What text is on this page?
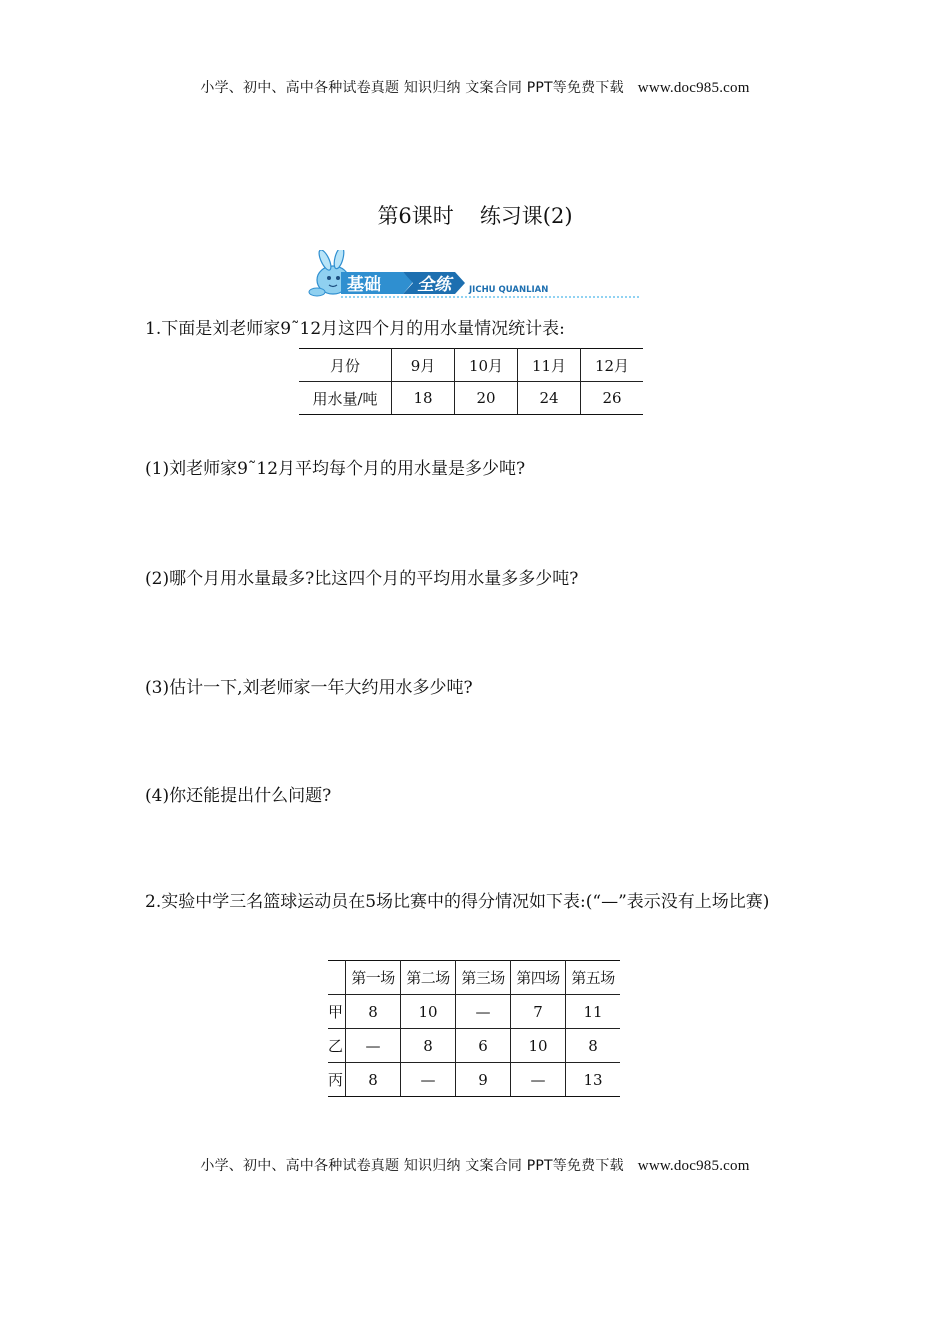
小学、初中、高中各种试卷真题 知识归纳 文案合同 PPT等免费下载 www.doc985.com
第6课时 练习课(2)
基础 全练	JICHU QUANLIAN
1.下面是刘老师家9˜12月这四个月的用水量情况统计表:
月份	9月	10月	11月	12月
用水量/吨	18	20	24	26
(1)刘老师家9˜12月平均每个月的用水量是多少吨?
(2)哪个月用水量最多?比这四个月的平均用水量多多少吨?
(3)估计一下,刘老师家一年大约用水多少吨?
(4)你还能提出什么问题?
2.实验中学三名篮球运动员在5场比赛中的得分情况如下表:(“—”表示没有上场比赛)
	第一场	第二场	第三场	第四场	第五场
甲	8	10	—	7	11
乙	—	8	6	10	8
丙	8	—	9	—	13
小学、初中、高中各种试卷真题 知识归纳 文案合同 PPT等免费下载 www.doc985.com
